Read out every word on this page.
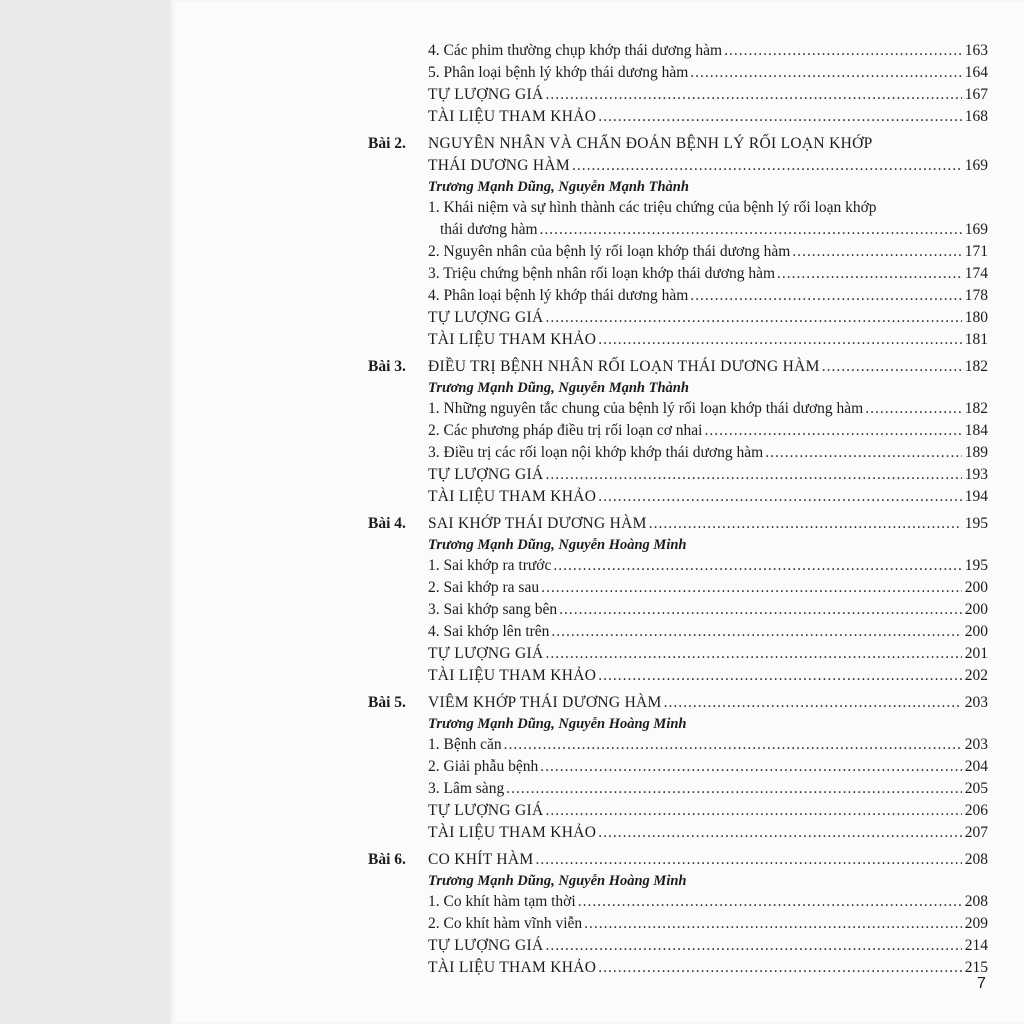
4. Các phim thường chụp khớp thái dương hàm .....	163
5. Phân loại bệnh lý khớp thái dương hàm .....	164
TỰ LƯỢNG GIÁ .....	167
TÀI LIỆU THAM KHẢO .....	168
Bài 2.	NGUYÊN NHÂN VÀ CHẨN ĐOÁN BỆNH LÝ RỐI LOẠN KHỚP
THÁI DƯƠNG HÀM .....	169
Trương Mạnh Dũng, Nguyễn Mạnh Thành
1. Khái niệm và sự hình thành các triệu chứng của bệnh lý rối loạn khớp
thái dương hàm .....	169
2. Nguyên nhân của bệnh lý rối loạn khớp thái dương hàm .....	171
3. Triệu chứng bệnh nhân rối loạn khớp thái dương hàm .....	174
4. Phân loại bệnh lý khớp thái dương hàm .....	178
TỰ LƯỢNG GIÁ .....	180
TÀI LIỆU THAM KHẢO .....	181
Bài 3.	ĐIỀU TRỊ BỆNH NHÂN RỐI LOẠN THÁI DƯƠNG HÀM .....	182
Trương Mạnh Dũng, Nguyễn Mạnh Thành
1. Những nguyên tắc chung của bệnh lý rối loạn khớp thái dương hàm .....	182
2. Các phương pháp điều trị rối loạn cơ nhai .....	184
3. Điều trị các rối loạn nội khớp khớp thái dương hàm .....	189
TỰ LƯỢNG GIÁ .....	193
TÀI LIỆU THAM KHẢO .....	194
Bài 4.	SAI KHỚP THÁI DƯƠNG HÀM .....	195
Trương Mạnh Dũng, Nguyễn Hoàng Minh
1. Sai khớp ra trước .....	195
2. Sai khớp ra sau .....	200
3. Sai khớp sang bên .....	200
4. Sai khớp lên trên .....	200
TỰ LƯỢNG GIÁ .....	201
TÀI LIỆU THAM KHẢO .....	202
Bài 5.	VIÊM KHỚP THÁI DƯƠNG HÀM .....	203
Trương Mạnh Dũng, Nguyễn Hoàng Minh
1. Bệnh căn .....	203
2. Giải phẫu bệnh .....	204
3. Lâm sàng .....	205
TỰ LƯỢNG GIÁ .....	206
TÀI LIỆU THAM KHẢO .....	207
Bài 6.	CO KHÍT HÀM .....	208
Trương Mạnh Dũng, Nguyễn Hoàng Minh
1. Co khít hàm tạm thời .....	208
2. Co khít hàm vĩnh viễn .....	209
TỰ LƯỢNG GIÁ .....	214
TÀI LIỆU THAM KHẢO .....	215
7
